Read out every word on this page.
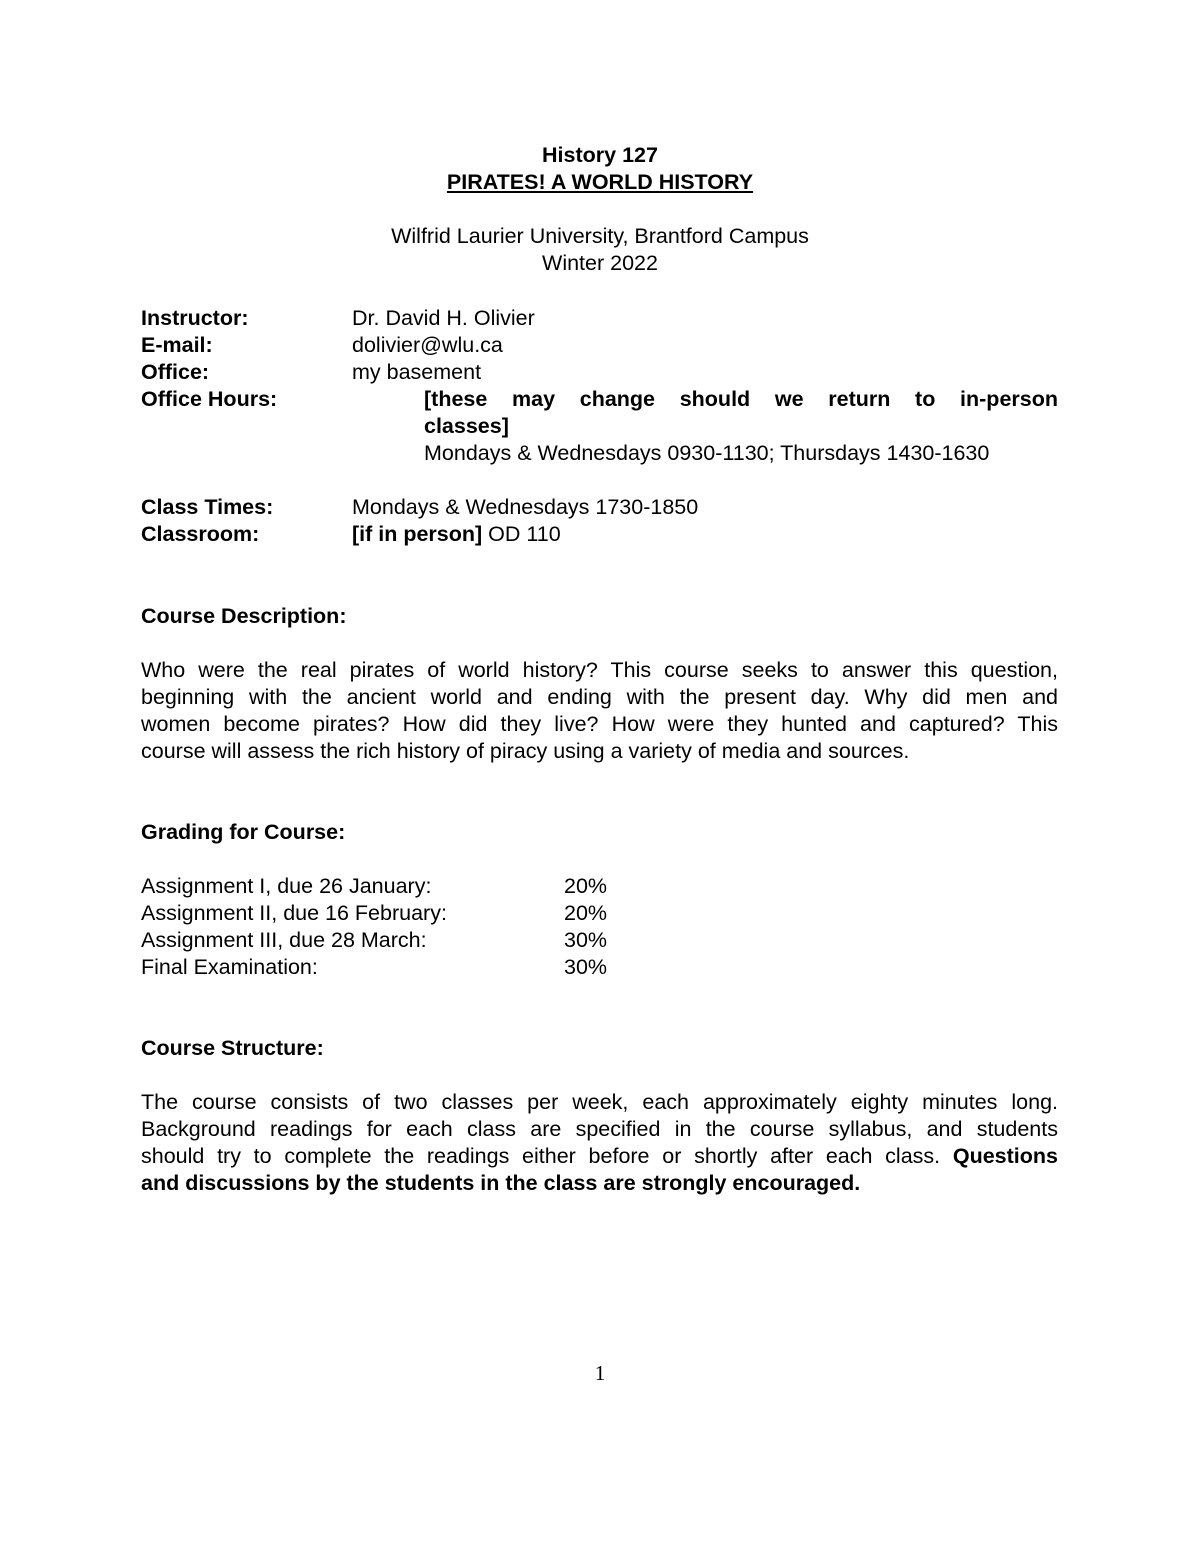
History 127
PIRATES! A WORLD HISTORY
Wilfrid Laurier University, Brantford Campus
Winter 2022
Instructor:	Dr. David H. Olivier
E-mail:	dolivier@wlu.ca
Office:	my basement
Office Hours:	[these may change should we return to in-person
classes]
Mondays & Wednesdays 0930-1130; Thursdays 1430-1630
Class Times:	Mondays & Wednesdays 1730-1850
Classroom:	[if in person] OD 110
Course Description:
Who were the real pirates of world history? This course seeks to answer this question,
beginning with the ancient world and ending with the present day. Why did men and
women become pirates? How did they live? How were they hunted and captured? This
course will assess the rich history of piracy using a variety of media and sources.
Grading for Course:
Assignment I, due 26 January:	20%
Assignment II, due 16 February:	20%
Assignment III, due 28 March:	30%
Final Examination:	30%
Course Structure:
The course consists of two classes per week, each approximately eighty minutes long.
Background readings for each class are specified in the course syllabus, and students
should try to complete the readings either before or shortly after each class. Questions
and discussions by the students in the class are strongly encouraged.
1
